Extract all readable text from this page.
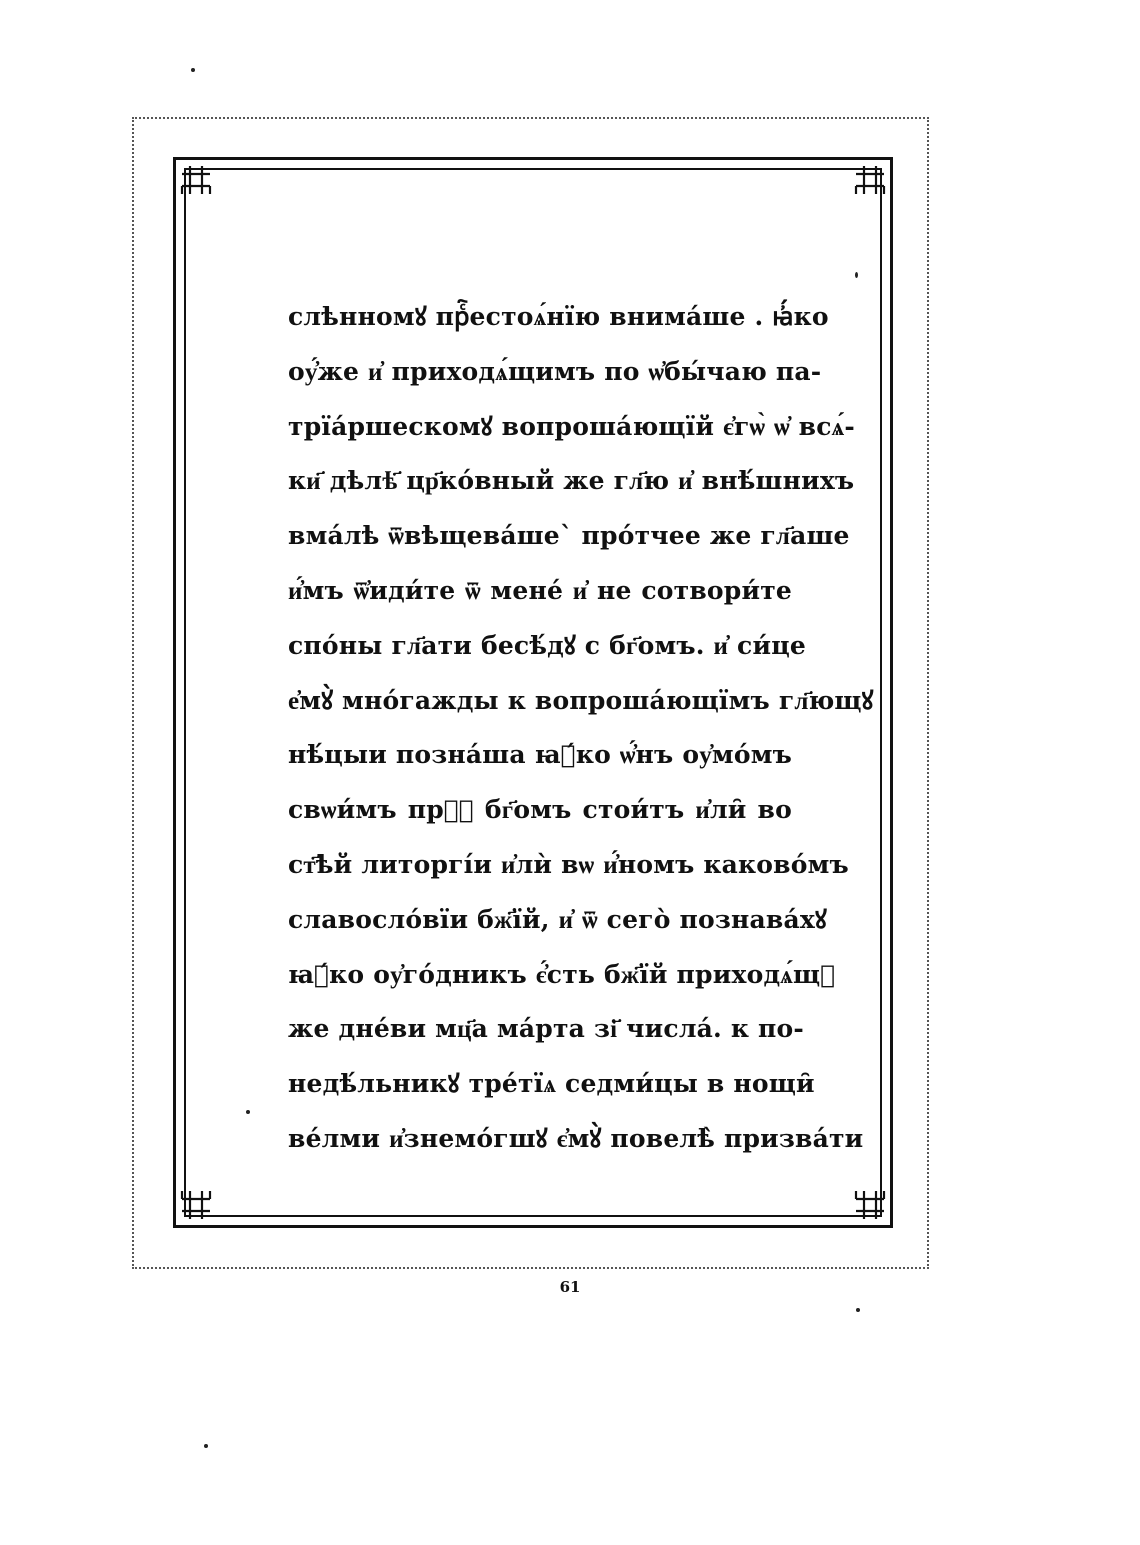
слѣнномꙋ прⷭ҇естоѧ́нїю внима́ше . ꙗ҆́ко
оу҆́же и҆ приходѧ́щимъ по ѡ҆бы́чаю па-
трїа́ршескомꙋ вопроша́ющїй є҆гѡ̀ ѡ҆ всѧ́-
ки҃ дѣлѣ҃ цр҃ко́вный же гл҃ю и҆ внѣ́шнихъ
вма́лѣ ѿвѣщева́ше` про́тчее же гл҃аше
и҆́мъ ѿ҆иди́те ѿ мене́ и҆ не сотвори́те
спо́ны гл҃ати бесѣ́дꙋ с бг҃омъ. и҆ си́це
е҆мꙋ̀ мно́гажды к вопроша́ющїмъ гл҃ющꙋ
нѣ́цыи позна́ша ꙗ҆́ко ѡ҆́нъ оу҆мо́мъ
свѡи́мъ прⷣ҇ бг҃омъ стои́тъ и҆ли̑ во
ст҃ѣй литоргі́и и҆лѝ вѡ и҆́номъ каково́мъ
славосло́вїи бж҃їй, и҆ ѿ сего̀ познава́хꙋ
ꙗ҆́ко оу҆го́дникъ є҆́сть бж҃їй приходѧ́щꙋ
же дне́ви мц҃а ма́рта зі҃ числа́. к по-
недѣ́льникꙋ тре́тїѧ седми́цы в нощи̑
ве́лми и҆знемо́гшꙋ є҆мꙋ̀ повелѣ̀ призва́ти
61
